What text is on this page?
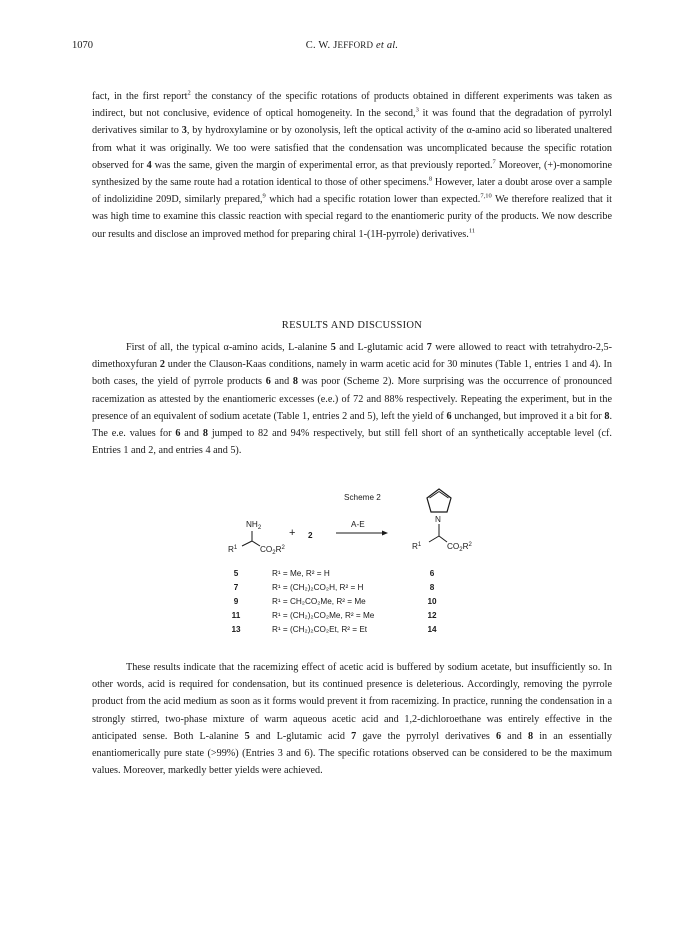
1070	C. W. JEFFORD et al.

fact, in the first report$^2$ the constancy of the specific rotations of products obtained in different experiments was taken as indirect, but not conclusive, evidence of optical homogeneity. In the second,$^3$ it was found that the degradation of pyrrolyl derivatives similar to 3, by hydroxylamine or by ozonolysis, left the optical activity of the α-amino acid so liberated unaltered from what it was originally. We too were satisfied that the condensation was uncomplicated because the specific rotation observed for 4 was the same, given the margin of experimental error, as that previously reported.$^7$ Moreover, (+)-monomorine synthesized by the same route had a rotation identical to those of other specimens.$^8$ However, later a doubt arose over a sample of indolizidine 209D, similarly prepared,$^9$ which had a specific rotation lower than expected.$^{7,10}$ We therefore realized that it was high time to examine this classic reaction with special regard to the enantiomeric purity of the products. We now describe our results and disclose an improved method for preparing chiral 1-(1H-pyrrole) derivatives.$^{11}$

RESULTS AND DISCUSSION

First of all, the typical α-amino acids, L-alanine 5 and L-glutamic acid 7 were allowed to react with tetrahydro-2,5-dimethoxyfuran 2 under the Clauson-Kaas conditions, namely in warm acetic acid for 30 minutes (Table 1, entries 1 and 4). In both cases, the yield of pyrrole products 6 and 8 was poor (Scheme 2). More surprising was the occurrence of pronounced racemization as attested by the enantiomeric excesses (e.e.) of 72 and 88% respectively. Repeating the experiment, but in the presence of an equivalent of sodium acetate (Table 1, entries 2 and 5), left the yield of 6 unchanged, but improved it a bit for 8. The e.e. values for 6 and 8 jumped to 82 and 94% respectively, but still fell short of an synthetically acceptable level (cf. Entries 1 and 2, and entries 4 and 5).

Scheme 2
$NH_2$
$R^1$	$CO_2R^2$
+ 2
A-E
N
$R^1$	$CO_2R^2$
5	R¹ = Me, R² = H	6
7	R¹ = (CH₂)₂CO₂H, R² = H	8
9	R¹ = CH₂CO₂Me, R² = Me	10
11	R¹ = (CH₂)₂CO₂Me, R² = Me	12
13	R¹ = (CH₂)₂CO₂Et, R² = Et	14

These results indicate that the racemizing effect of acetic acid is buffered by sodium acetate, but insufficiently so. In other words, acid is required for condensation, but its continued presence is deleterious. Accordingly, removing the pyrrole product from the acid medium as soon as it forms would prevent it from racemizing. In practice, running the condensation in a strongly stirred, two-phase mixture of warm aqueous acetic acid and 1,2-dichloroethane was entirely effective in the anticipated sense. Both L-alanine 5 and L-glutamic acid 7 gave the pyrrolyl derivatives 6 and 8 in an essentially enantiomerically pure state (>99%) (Entries 3 and 6). The specific rotations observed can be considered to be the maximum values. Moreover, markedly better yields were achieved.
